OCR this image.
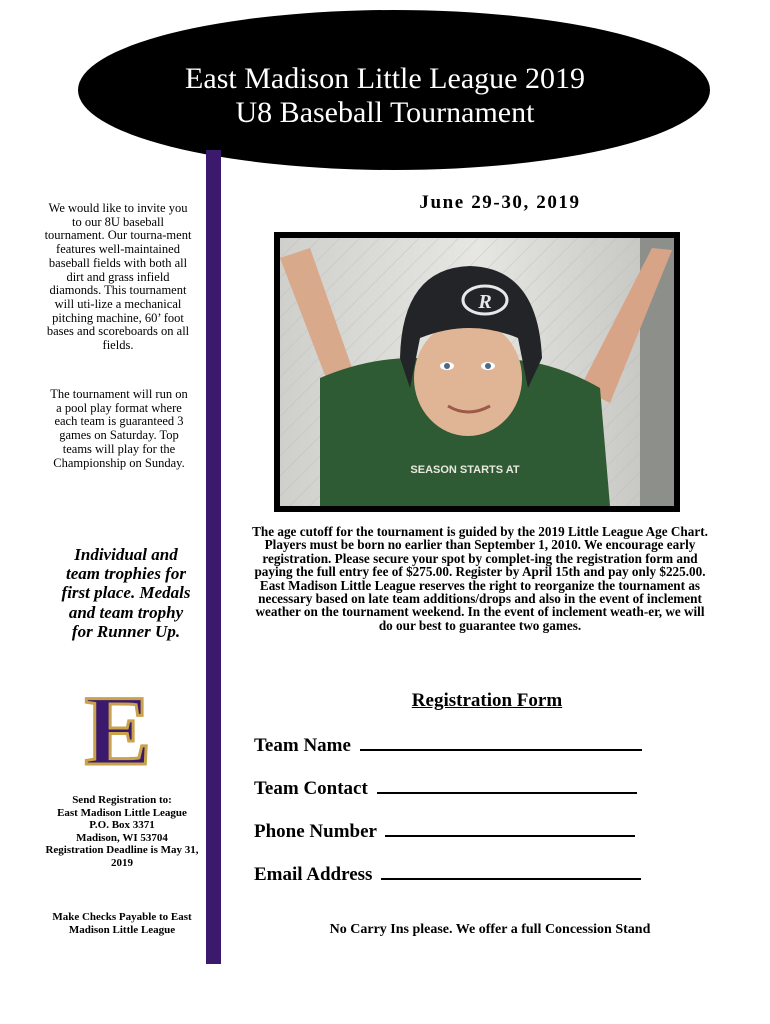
East Madison Little League 2019
U8 Baseball Tournament
We would like to invite you to our 8U baseball tournament. Our tourna-ment features well-maintained baseball fields with both all dirt and grass infield diamonds. This tournament will uti-lize a mechanical pitching machine, 60’ foot bases and scoreboards on all fields.
The tournament will run on a pool play format where each team is guaranteed 3 games on Saturday. Top teams will play for the Championship on Sunday.
Individual and team trophies for first place. Medals and team trophy for Runner Up.
E
Send Registration to:
East Madison Little League
P.O. Box 3371
Madison, WI 53704
Registration Deadline is May 31, 2019
Make Checks Payable to East Madison Little League
June 29-30, 2019
SEASON STARTS AT
R
The age cutoff for the tournament is guided by the 2019 Little League Age Chart. Players must be born no earlier than September 1, 2010. We encourage early registration. Please secure your spot by complet-ing the registration form and paying the full entry fee of $275.00. Register by April 15th and pay only $225.00. East Madison Little League reserves the right to reorganize the tournament as necessary based on late team additions/drops and also in the event of inclement weather on the tournament weekend. In the event of inclement weath-er, we will do our best to guarantee two games.
Registration Form
Team Name
Team Contact
Phone Number
Email Address
No Carry Ins please. We offer a full Concession Stand
